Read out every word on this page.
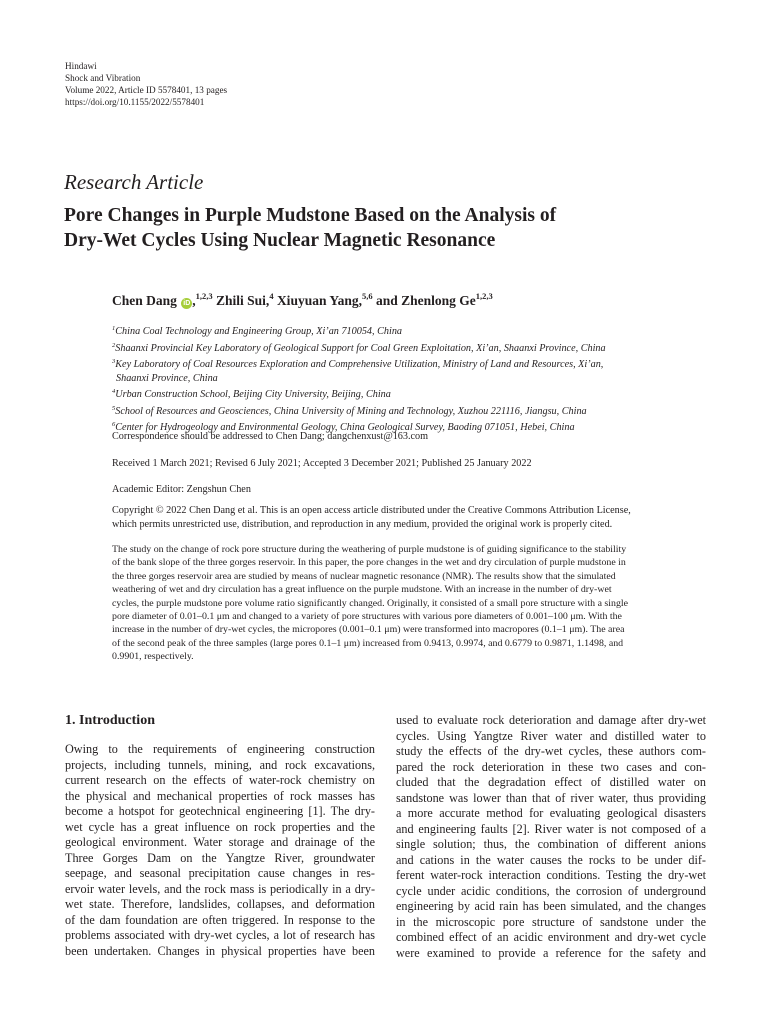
Hindawi
Shock and Vibration
Volume 2022, Article ID 5578401, 13 pages
https://doi.org/10.1155/2022/5578401
Research Article
Pore Changes in Purple Mudstone Based on the Analysis of
Dry-Wet Cycles Using Nuclear Magnetic Resonance
Chen Dang iD ,$^{1,2,3}$ Zhili Sui,$^4$ Xiuyuan Yang,$^{5,6}$ and Zhenlong Ge$^{1,2,3}$
$^1$China Coal Technology and Engineering Group, Xi’an 710054, China
$^2$Shaanxi Provincial Key Laboratory of Geological Support for Coal Green Exploitation, Xi’an, Shaanxi Province, China
$^3$Key Laboratory of Coal Resources Exploration and Comprehensive Utilization, Ministry of Land and Resources, Xi’an,
Shaanxi Province, China
$^4$Urban Construction School, Beijing City University, Beijing, China
$^5$School of Resources and Geosciences, China University of Mining and Technology, Xuzhou 221116, Jiangsu, China
$^6$Center for Hydrogeology and Environmental Geology, China Geological Survey, Baoding 071051, Hebei, China
Correspondence should be addressed to Chen Dang; dangchenxust@163.com
Received 1 March 2021; Revised 6 July 2021; Accepted 3 December 2021; Published 25 January 2022
Academic Editor: Zengshun Chen
Copyright © 2022 Chen Dang et al. This is an open access article distributed under the Creative Commons Attribution License,
which permits unrestricted use, distribution, and reproduction in any medium, provided the original work is properly cited.
The study on the change of rock pore structure during the weathering of purple mudstone is of guiding significance to the stability
of the bank slope of the three gorges reservoir. In this paper, the pore changes in the wet and dry circulation of purple mudstone in
the three gorges reservoir area are studied by means of nuclear magnetic resonance (NMR). The results show that the simulated
weathering of wet and dry circulation has a great influence on the purple mudstone. With an increase in the number of dry-wet
cycles, the purple mudstone pore volume ratio significantly changed. Originally, it consisted of a small pore structure with a single
pore diameter of 0.01–0.1 μm and changed to a variety of pore structures with various pore diameters of 0.001–100 μm. With the
increase in the number of dry-wet cycles, the micropores (0.001–0.1 μm) were transformed into macropores (0.1–1 μm). The area
of the second peak of the three samples (large pores 0.1–1 μm) increased from 0.9413, 0.9974, and 0.6779 to 0.9871, 1.1498, and
0.9901, respectively.
1. Introduction
Owing to the requirements of engineering construction
projects, including tunnels, mining, and rock excavations,
current research on the effects of water-rock chemistry on
the physical and mechanical properties of rock masses has
become a hotspot for geotechnical engineering [1]. The dry-
wet cycle has a great influence on rock properties and the
geological environment. Water storage and drainage of the
Three Gorges Dam on the Yangtze River, groundwater
seepage, and seasonal precipitation cause changes in res-
ervoir water levels, and the rock mass is periodically in a dry-
wet state. Therefore, landslides, collapses, and deformation
of the dam foundation are often triggered. In response to the
problems associated with dry-wet cycles, a lot of research has
been undertaken. Changes in physical properties have been
used to evaluate rock deterioration and damage after dry-wet
cycles. Using Yangtze River water and distilled water to
study the effects of the dry-wet cycles, these authors com-
pared the rock deterioration in these two cases and con-
cluded that the degradation effect of distilled water on
sandstone was lower than that of river water, thus providing
a more accurate method for evaluating geological disasters
and engineering faults [2]. River water is not composed of a
single solution; thus, the combination of different anions
and cations in the water causes the rocks to be under dif-
ferent water-rock interaction conditions. Testing the dry-wet
cycle under acidic conditions, the corrosion of underground
engineering by acid rain has been simulated, and the changes
in the microscopic pore structure of sandstone under the
combined effect of an acidic environment and dry-wet cycle
were examined to provide a reference for the safety and
